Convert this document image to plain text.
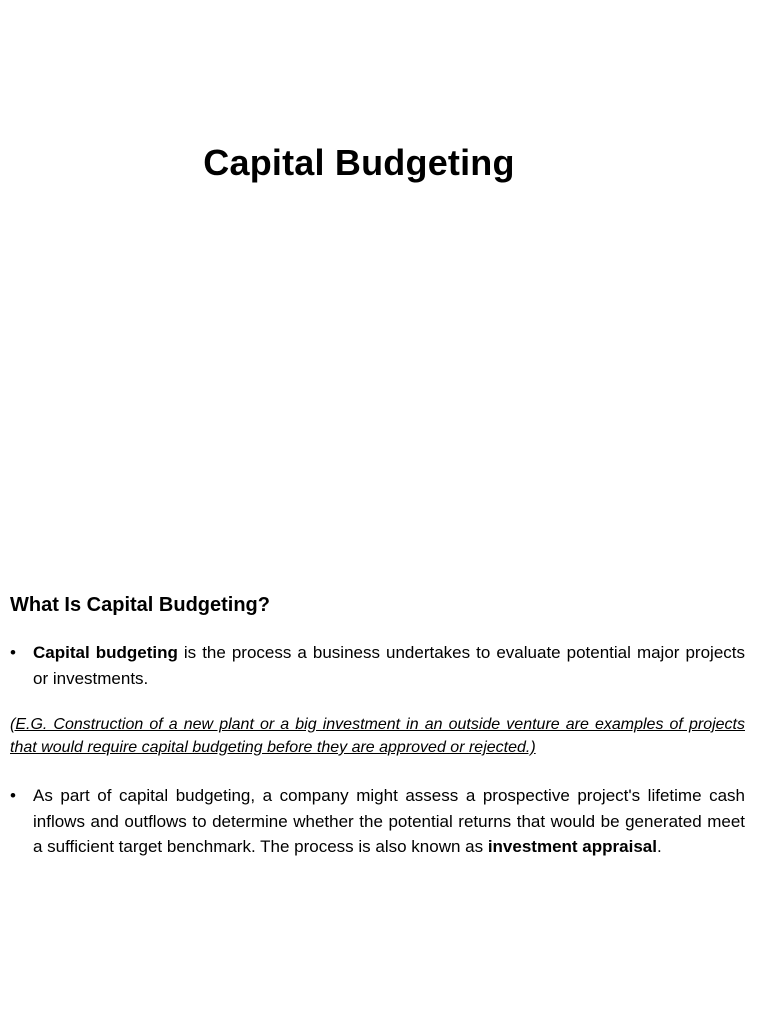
Capital Budgeting
What Is Capital Budgeting?

• Capital budgeting is the process a business undertakes to evaluate potential major projects or investments.

(E.G. Construction of a new plant or a big investment in an outside venture are examples of projects that would require capital budgeting before they are approved or rejected.)

• As part of capital budgeting, a company might assess a prospective project's lifetime cash inflows and outflows to determine whether the potential returns that would be generated meet a sufficient target benchmark. The process is also known as investment appraisal.
